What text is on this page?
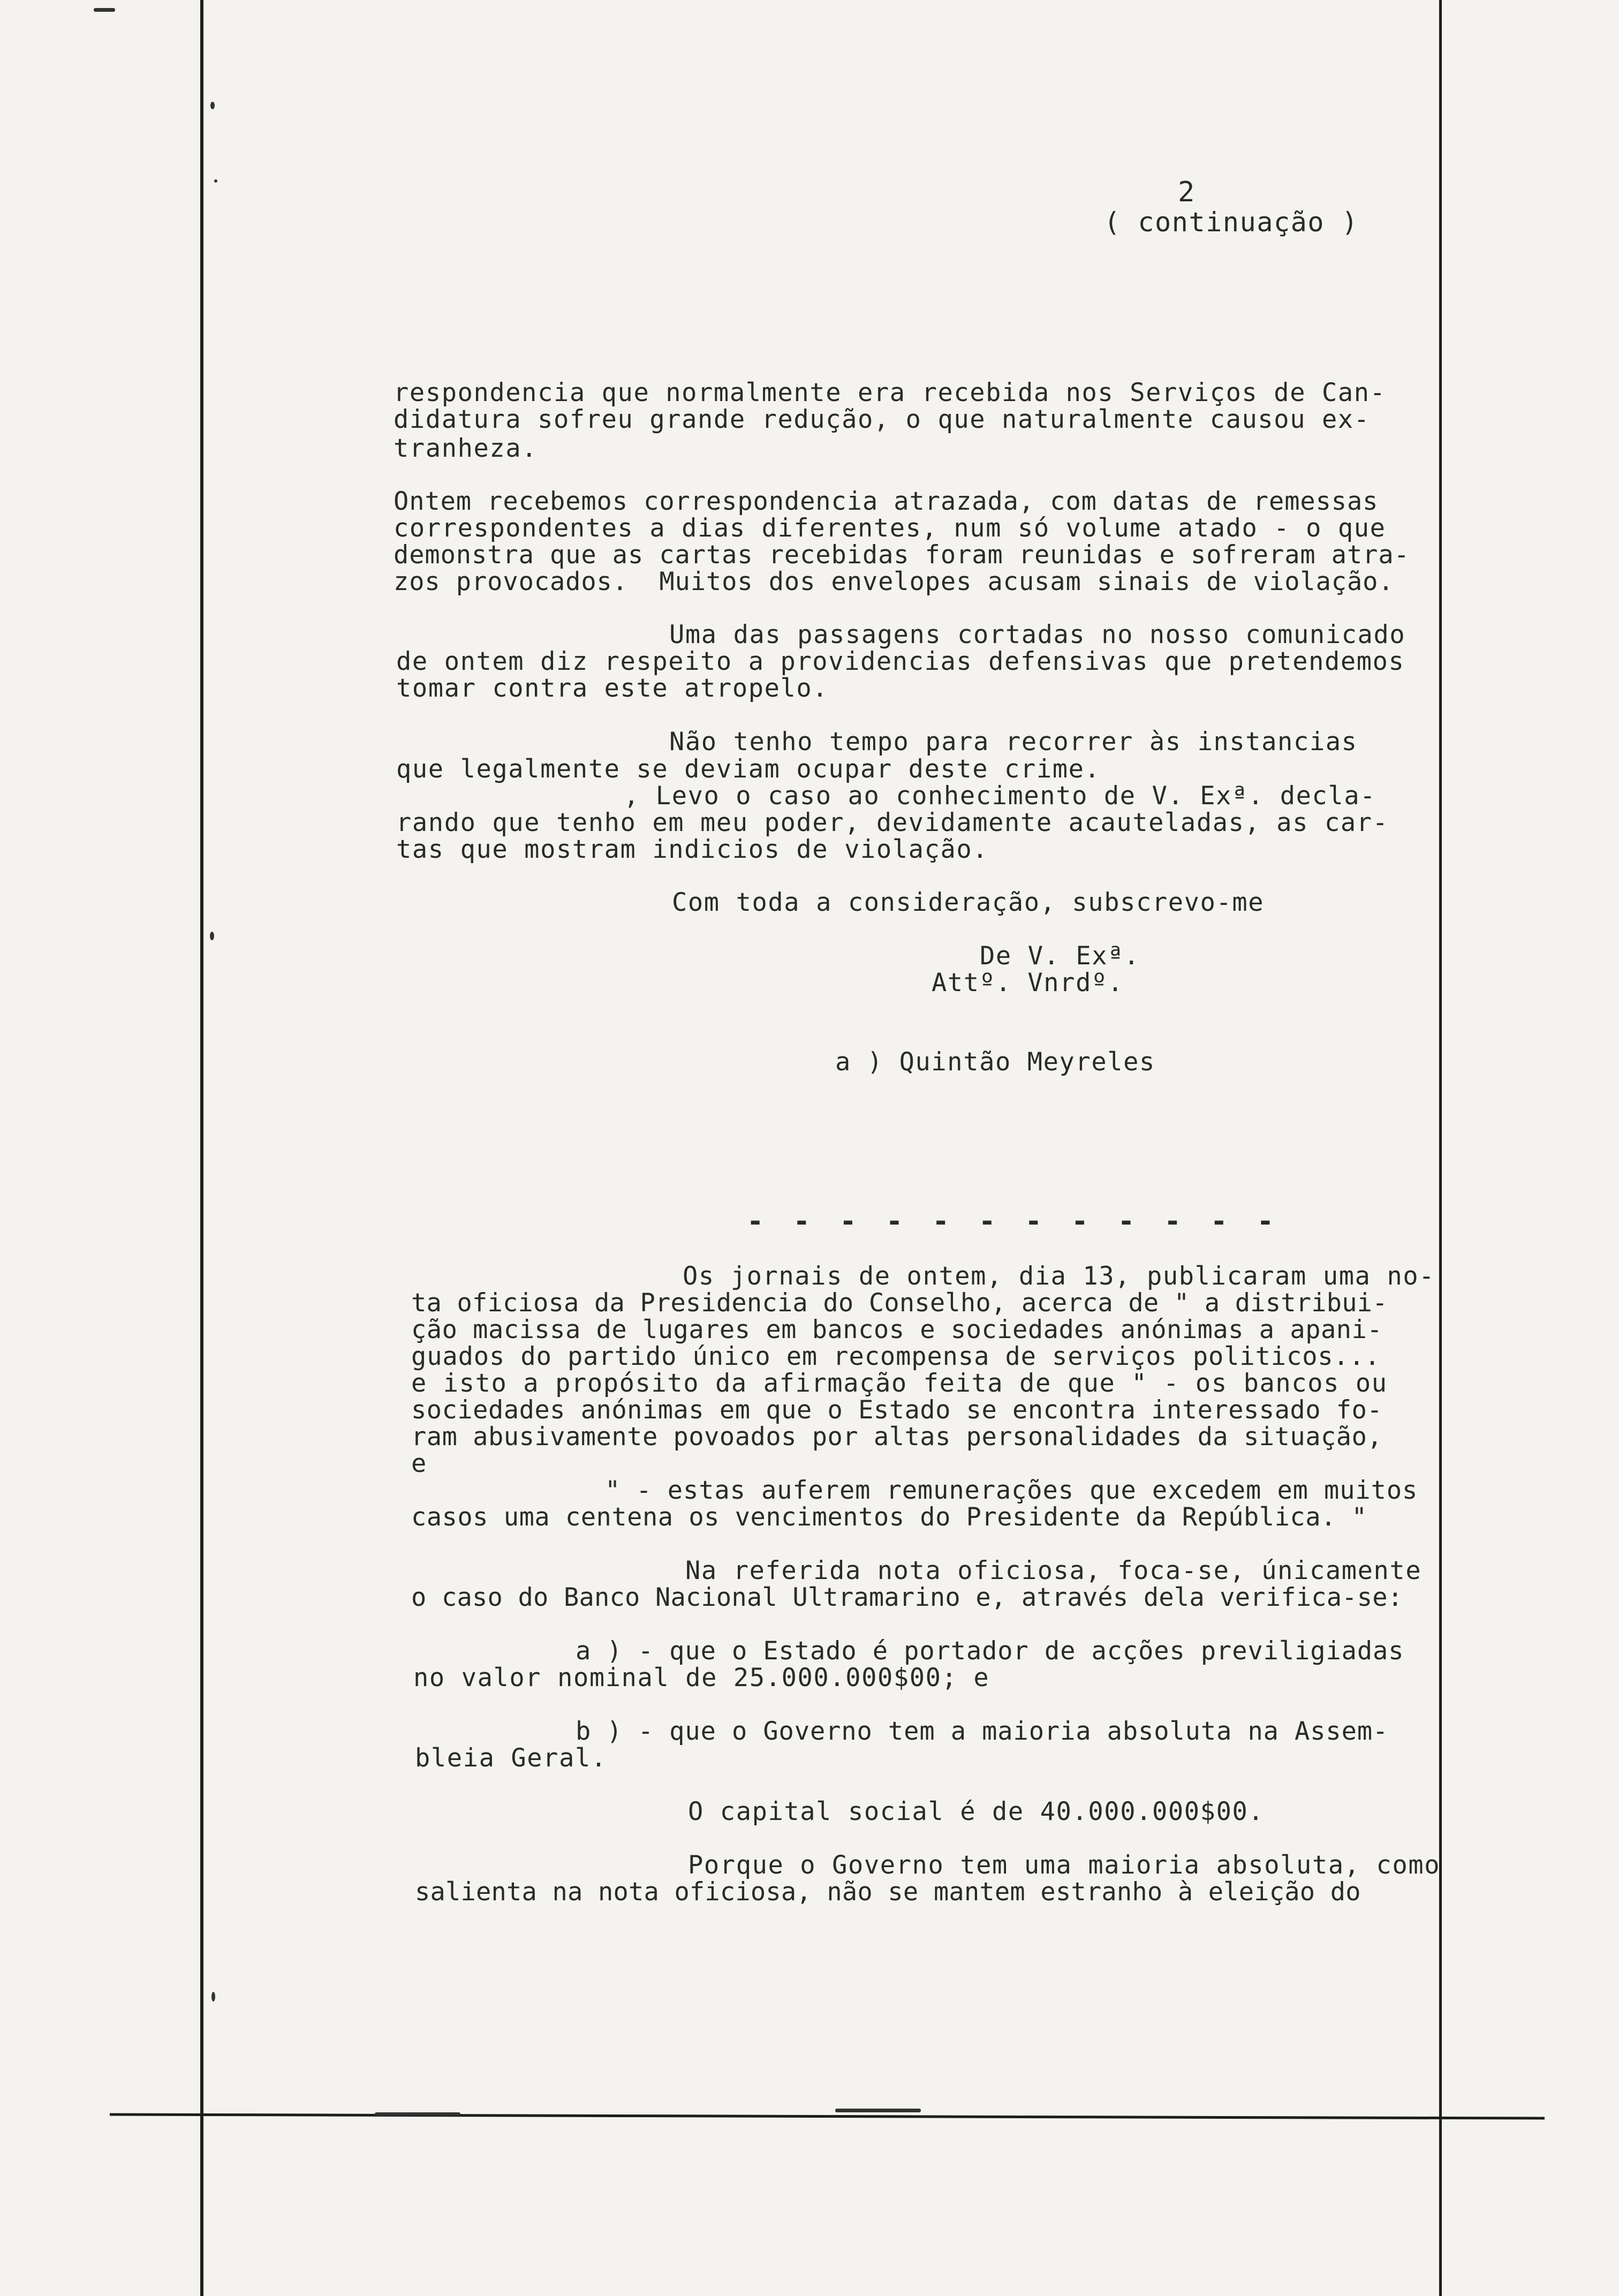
2
( continuação )
respondencia que normalmente era recebida nos Serviços de Can-
didatura sofreu grande redução, o que naturalmente causou ex-
tranheza.
Ontem recebemos correspondencia atrazada, com datas de remessas
correspondentes a dias diferentes, num só volume atado - o que
demonstra que as cartas recebidas foram reunidas e sofreram atra-
zos provocados.  Muitos dos envelopes acusam sinais de violação.
Uma das passagens cortadas no nosso comunicado
de ontem diz respeito a providencias defensivas que pretendemos
tomar contra este atropelo.
Não tenho tempo para recorrer às instancias
que legalmente se deviam ocupar deste crime.
, Levo o caso ao conhecimento de V. Exª. decla-
rando que tenho em meu poder, devidamente acauteladas, as car-
tas que mostram indicios de violação.
Com toda a consideração, subscrevo-me
De V. Exª.
Attº. Vnrdº.
a ) Quintão Meyreles
- - - - - - - - - - - -
Os jornais de ontem, dia 13, publicaram uma no-
ta oficiosa da Presidencia do Conselho, acerca de " a distribui-
ção macissa de lugares em bancos e sociedades anónimas a apani-
guados do partido único em recompensa de serviços politicos...
e isto a propósito da afirmação feita de que " - os bancos ou
sociedades anónimas em que o Estado se encontra interessado fo-
ram abusivamente povoados por altas personalidades da situação,
e
" - estas auferem remunerações que excedem em muitos
casos uma centena os vencimentos do Presidente da República. "
Na referida nota oficiosa, foca-se, únicamente
o caso do Banco Nacional Ultramarino e, através dela verifica-se:
a ) - que o Estado é portador de acções previligiadas
no valor nominal de 25.000.000$00; e
b ) - que o Governo tem a maioria absoluta na Assem-
bleia Geral.
O capital social é de 40.000.000$00.
Porque o Governo tem uma maioria absoluta, como
salienta na nota oficiosa, não se mantem estranho à eleição do
